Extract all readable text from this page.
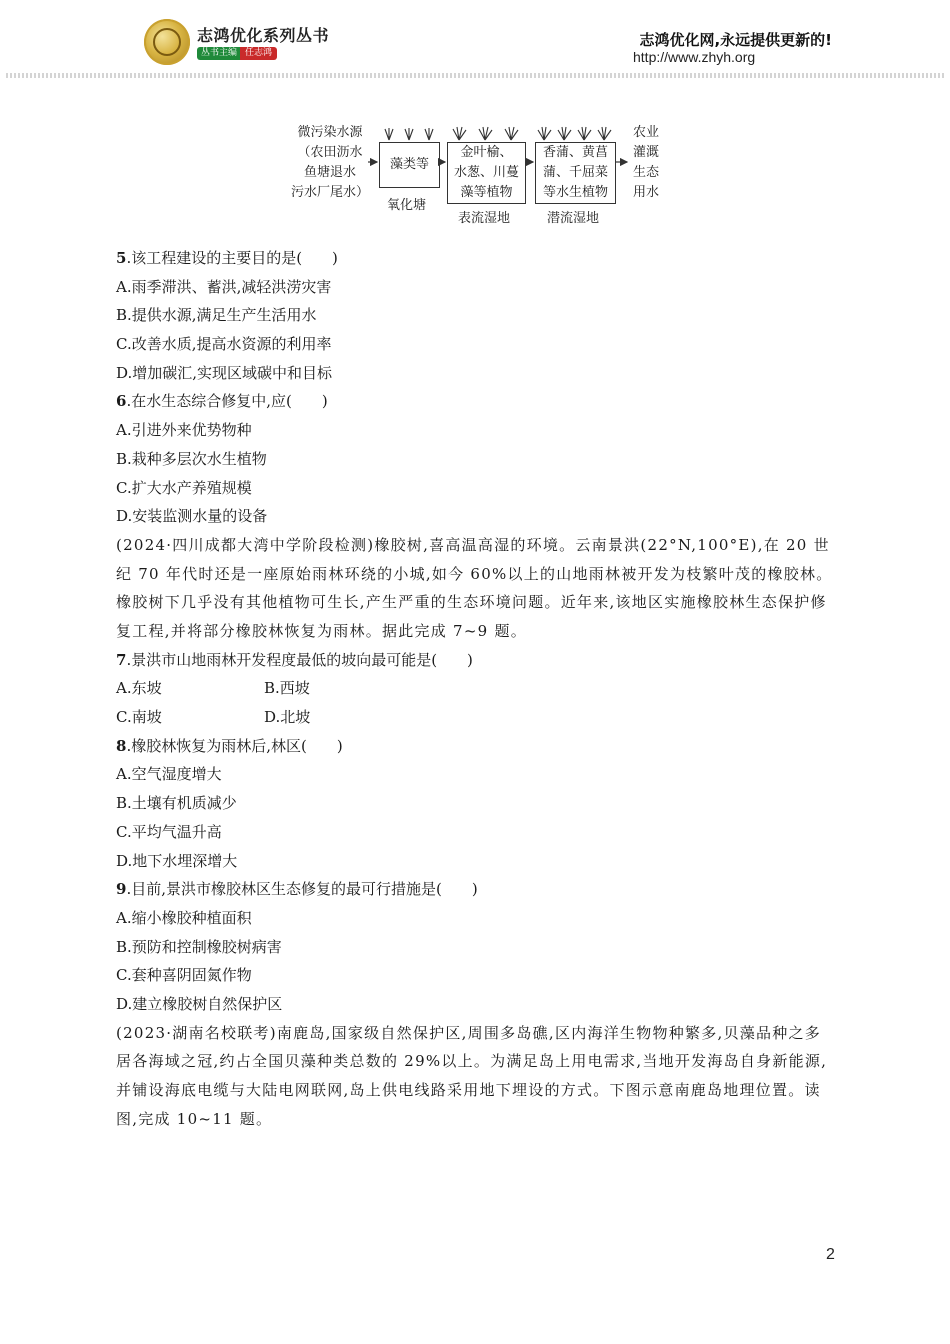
志鸿优化系列丛书
丛书主编 任志鸿
志鸿优化网,永远提供更新的!
http://www.zhyh.org
微污染水源
（农田沥水
鱼塘退水
污水厂尾水）
藻类等
氧化塘
金叶榆、
水葱、川蔓
藻等植物
表流湿地
香蒲、黄菖
蒲、千屈菜
等水生植物
潜流湿地
农业
灌溉
生态
用水
5.该工程建设的主要目的是(　　)
A.雨季滞洪、蓄洪,减轻洪涝灾害
B.提供水源,满足生产生活用水
C.改善水质,提高水资源的利用率
D.增加碳汇,实现区域碳中和目标
6.在水生态综合修复中,应(　　)
A.引进外来优势物种
B.栽种多层次水生植物
C.扩大水产养殖规模
D.安装监测水量的设备
(2024·四川成都大湾中学阶段检测)橡胶树,喜高温高湿的环境。云南景洪(22°N,100°E),在 20 世纪 70 年代时还是一座原始雨林环绕的小城,如今 60%以上的山地雨林被开发为枝繁叶茂的橡胶林。橡胶树下几乎没有其他植物可生长,产生严重的生态环境问题。近年来,该地区实施橡胶林生态保护修复工程,并将部分橡胶林恢复为雨林。据此完成 7~9 题。
7.景洪市山地雨林开发程度最低的坡向最可能是(　　)
A.东坡	B.西坡
C.南坡	D.北坡
8.橡胶林恢复为雨林后,林区(　　)
A.空气湿度增大
B.土壤有机质减少
C.平均气温升高
D.地下水埋深增大
9.目前,景洪市橡胶林区生态修复的最可行措施是(　　)
A.缩小橡胶种植面积
B.预防和控制橡胶树病害
C.套种喜阴固氮作物
D.建立橡胶树自然保护区
(2023·湖南名校联考)南鹿岛,国家级自然保护区,周围多岛礁,区内海洋生物物种繁多,贝藻品种之多居各海域之冠,约占全国贝藻种类总数的 29%以上。为满足岛上用电需求,当地开发海岛自身新能源,并铺设海底电缆与大陆电网联网,岛上供电线路采用地下埋设的方式。下图示意南鹿岛地理位置。读图,完成 10~11 题。
2
